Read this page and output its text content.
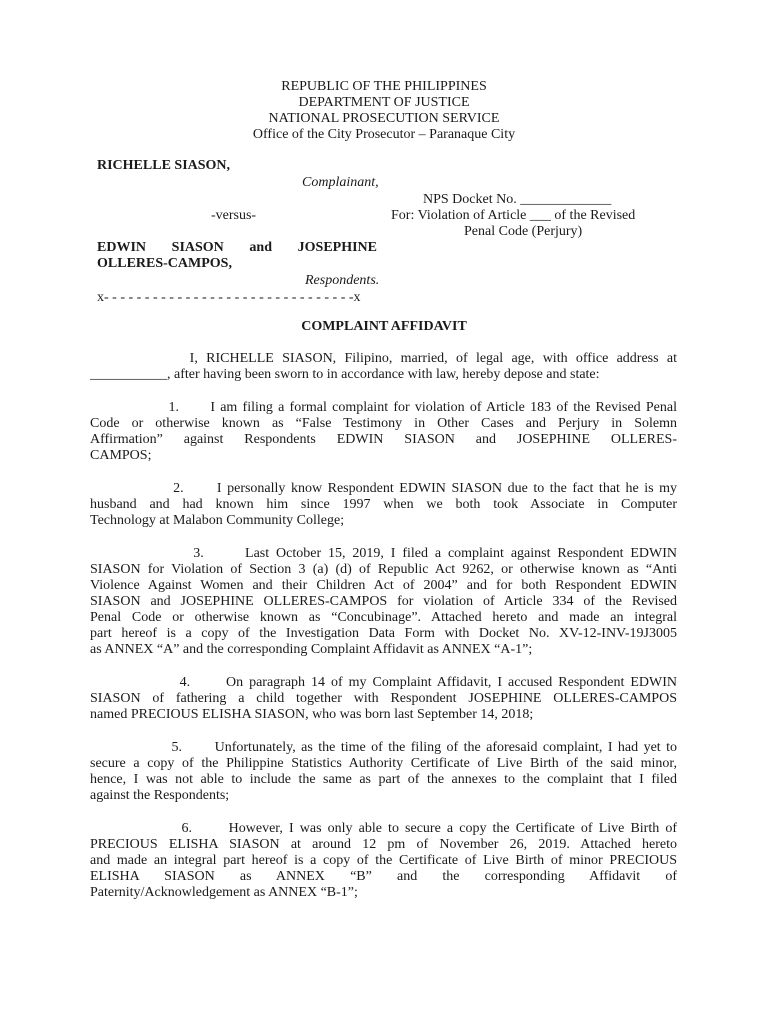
REPUBLIC OF THE PHILIPPINES
DEPARTMENT OF JUSTICE
NATIONAL PROSECUTION SERVICE
Office of the City Prosecutor – Paranaque City
RICHELLE SIASON,
Complainant,
-versus-
EDWIN  SIASON  and  JOSEPHINE
OLLERES-CAMPOS,
Respondents.
x- - - - - - - - - - - - - - - - - - - - - - - - - - - - - - -x
NPS Docket No. _____________
For: Violation of Article ___ of the Revised
Penal Code (Perjury)
COMPLAINT AFFIDAVIT
I, RICHELLE SIASON, Filipino, married, of legal age, with office address at
___________, after having been sworn to in accordance with law, hereby depose and state:
1.      I am filing a formal complaint for violation of Article 183 of the Revised Penal
Code or otherwise known as “False Testimony in Other Cases and Perjury in Solemn
Affirmation” against Respondents EDWIN SIASON and JOSEPHINE OLLERES-
CAMPOS;
2.      I personally know Respondent EDWIN SIASON due to the fact that he is my
husband and had known him since 1997 when we both took Associate in Computer
Technology at Malabon Community College;
3.      Last October 15, 2019, I filed a complaint against Respondent EDWIN
SIASON for Violation of Section 3 (a) (d) of Republic Act 9262, or otherwise known as “Anti
Violence Against Women and their Children Act of 2004” and for both Respondent EDWIN
SIASON and JOSEPHINE OLLERES-CAMPOS for violation of Article 334 of the Revised
Penal Code or otherwise known as “Concubinage”. Attached hereto and made an integral
part hereof is a copy of the Investigation Data Form with Docket No. XV-12-INV-19J3005
as ANNEX “A” and the corresponding Complaint Affidavit as ANNEX “A-1”;
4.      On paragraph 14 of my Complaint Affidavit, I accused Respondent EDWIN
SIASON of fathering a child together with Respondent JOSEPHINE OLLERES-CAMPOS
named PRECIOUS ELISHA SIASON, who was born last September 14, 2018;
5.      Unfortunately, as the time of the filing of the aforesaid complaint, I had yet to
secure a copy of the Philippine Statistics Authority Certificate of Live Birth of the said minor,
hence, I was not able to include the same as part of the annexes to the complaint that I filed
against the Respondents;
6.      However, I was only able to secure a copy the Certificate of Live Birth of
PRECIOUS ELISHA SIASON at around 12 pm of November 26, 2019. Attached hereto
and made an integral part hereof is a copy of the Certificate of Live Birth of minor PRECIOUS
ELISHA      SIASON      as      ANNEX      “B”      and      the      corresponding      Affidavit      of
Paternity/Acknowledgement as ANNEX “B-1”;
